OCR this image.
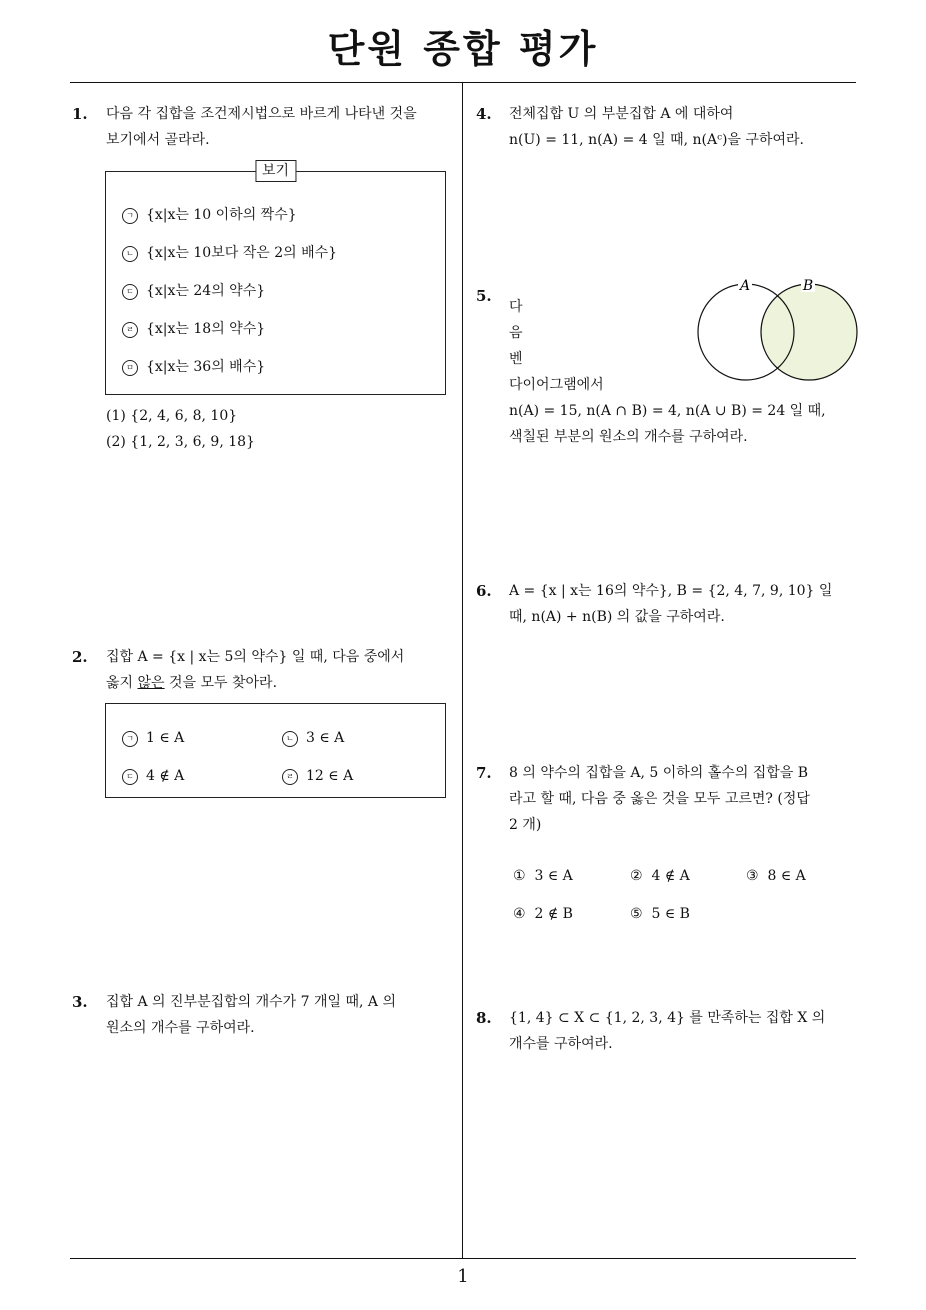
단원 종합 평가
1
1. 다음 각 집합을 조건제시법으로 바르게 나타낸 것을
보기에서 골라라.
보기
ㄱ {x|x는 10 이하의 짝수}
ㄴ {x|x는 10보다 작은 2의 배수}
ㄷ {x|x는 24의 약수}
ㄹ {x|x는 18의 약수}
ㅁ {x|x는 36의 배수}
(1) {2, 4, 6, 8, 10}
(2) {1, 2, 3, 6, 9, 18}
2. 집합 A = {x | x는 5의 약수} 일 때, 다음 중에서
옳지 않은 것을 모두 찾아라.
ㄱ 1 ∈ A	ㄴ 3 ∈ A
ㄷ 4 ∉ A	ㄹ 12 ∈ A
3. 집합 A 의 진부분집합의 개수가 7 개일 때, A 의
원소의 개수를 구하여라.
4. 전체집합 U 의 부분집합 A 에 대하여
n(U) = 11, n(A) = 4 일 때, n(Aᶜ)을 구하여라.
5.
다
음
벤
다이어그램에서
n(A) = 15, n(A ∩ B) = 4, n(A ∪ B) = 24 일 때,
색칠된 부분의 원소의 개수를 구하여라.
A	B
6. A = {x | x는 16의 약수}, B = {2, 4, 7, 9, 10} 일
때, n(A) + n(B) 의 값을 구하여라.
7. 8 의 약수의 집합을 A, 5 이하의 홀수의 집합을 B
라고 할 때, 다음 중 옳은 것을 모두 고르면? (정답
2 개)
① 3 ∈ A	② 4 ∉ A	③ 8 ∈ A
④ 2 ∉ B	⑤ 5 ∈ B
8. {1, 4} ⊂ X ⊂ {1, 2, 3, 4} 를 만족하는 집합 X 의
개수를 구하여라.
